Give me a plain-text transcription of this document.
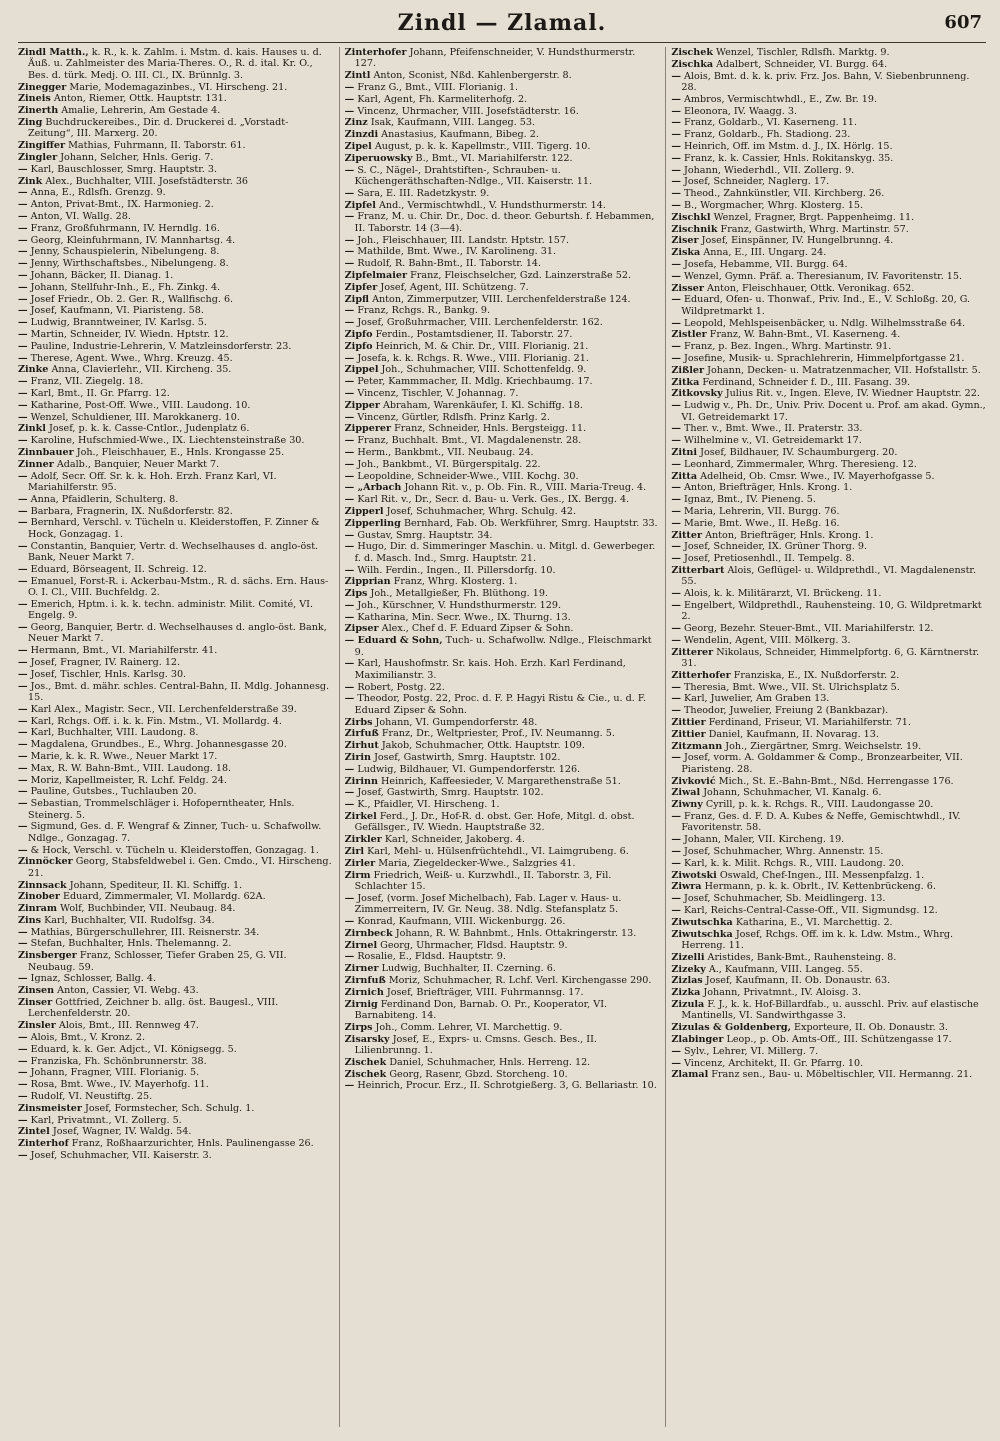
Zindl — Zlamal.	607

Zindl Matth., k. R., k. k. Zahlm. i. Mstm. d. kais. Hauses u. d. Äuß. u. Zahlmeister des Maria-Theres. O., R. d. ital. Kr. O., Bes. d. türk. Medj. O. III. Cl., IX. Brünnlg. 3.

Zinegger Marie, Modemagazinbes., VI. Hirscheng. 21.

Zineis Anton, Riemer, Ottk. Hauptstr. 131.

Zinerth Amalie, Lehrerin, Am Gestade 4.

Zing Buchdruckereibes., Dir. d. Druckerei d. „Vorstadt-Zeitung“, III. Marxerg. 20.

Zingiffer Mathias, Fuhrmann, II. Taborstr. 61.

Zingler Johann, Selcher, Hnls. Gerig. 7.

— Karl, Bauschlosser, Smrg. Hauptstr. 3.

Zink Alex., Buchhalter, VIII. Josefstädterstr. 36

— Anna, E., Rdlsfh. Grenzg. 9.

— Anton, Privat-Bmt., IX. Harmonieg. 2.

— Anton, VI. Wallg. 28.

— Franz, Großfuhrmann, IV. Herndlg. 16.

— Georg, Kleinfuhrmann, IV. Mannhartsg. 4.

— Jenny, Schauspielerin, Nibelungeng. 8.

— Jenny, Wirthschaftsbes., Nibelungeng. 8.

— Johann, Bäcker, II. Dianag. 1.

— Johann, Stellfuhr-Inh., E., Fh. Zinkg. 4.

— Josef Friedr., Ob. 2. Ger. R., Wallfischg. 6.

— Josef, Kaufmann, VI. Piaristeng. 58.

— Ludwig, Branntweiner, IV. Karlsg. 5.

— Martin, Schneider, IV. Wiedn. Hptstr. 12.

— Pauline, Industrie-Lehrerin, V. Matzleinsdorferstr. 23.

— Therese, Agent. Wwe., Whrg. Kreuzg. 45.

Zinke Anna, Clavierlehr., VII. Kircheng. 35.

— Franz, VII. Ziegelg. 18.

— Karl, Bmt., II. Gr. Pfarrg. 12.

— Katharine, Post-Off. Wwe., VIII. Laudong. 10.

— Wenzel, Schuldiener, III. Marokkanerg. 10.

Zinkl Josef, p. k. k. Casse-Cntlor., Judenplatz 6.

— Karoline, Hufschmied-Wwe., IX. Liechtensteinstraße 30.

Zinnbauer Joh., Fleischhauer, E., Hnls. Krongasse 25.

Zinner Adalb., Banquier, Neuer Markt 7.

— Adolf, Secr. Off. Sr. k. k. Hoh. Erzh. Franz Karl, VI. Mariahilferstr. 95.

— Anna, Pfaidlerin, Schulterg. 8.

— Barbara, Fragnerin, IX. Nußdorferstr. 82.

— Bernhard, Verschl. v. Tücheln u. Kleiderstoffen, F. Zinner & Hock, Gonzagag. 1.

— Constantin, Banquier, Vertr. d. Wechselhauses d. anglo-öst. Bank, Neuer Markt 7.

— Eduard, Börseagent, II. Schreig. 12.

— Emanuel, Forst-R. i. Ackerbau-Mstm., R. d. sächs. Ern. Haus-O. I. Cl., VIII. Buchfeldg. 2.

— Emerich, Hptm. i. k. k. techn. administr. Milit. Comité, VI. Engelg. 9.

— Georg, Banquier, Bertr. d. Wechselhauses d. anglo-öst. Bank, Neuer Markt 7.

— Hermann, Bmt., VI. Mariahilferstr. 41.

— Josef, Fragner, IV. Rainerg. 12.

— Josef, Tischler, Hnls. Karlsg. 30.

— Jos., Bmt. d. mähr. schles. Central-Bahn, II. Mdlg. Johannesg. 15.

— Karl Alex., Magistr. Secr., VII. Lerchenfelderstraße 39.

— Karl, Rchgs. Off. i. k. k. Fin. Mstm., VI. Mollardg. 4.

— Karl, Buchhalter, VIII. Laudong. 8.

— Magdalena, Grundbes., E., Whrg. Johannesgasse 20.

— Marie, k. k. R. Wwe., Neuer Markt 17.

— Max, R. W. Bahn-Bmt., VIII. Laudong. 18.

— Moriz, Kapellmeister, R. Lchf. Feldg. 24.

— Pauline, Gutsbes., Tuchlauben 20.

— Sebastian, Trommelschläger i. Hofoperntheater, Hnls. Steinerg. 5.

— Sigmund, Ges. d. F. Wengraf & Zinner, Tuch- u. Schafwollw. Ndlge., Gonzagag. 7.

— & Hock, Verschl. v. Tücheln u. Kleiderstoffen, Gonzagag. 1.

Zinnöcker Georg, Stabsfeldwebel i. Gen. Cmdo., VI. Hirscheng. 21.

Zinnsack Johann, Spediteur, II. Kl. Schiffg. 1.

Zinober Eduard, Zimmermaler, VI. Mollardg. 62A.

Zinram Wolf, Buchbinder, VII. Neubaug. 84.

Zins Karl, Buchhalter, VII. Rudolfsg. 34.

— Mathias, Bürgerschullehrer, III. Reisnerstr. 34.

— Stefan, Buchhalter, Hnls. Thelemanng. 2.

Zinsberger Franz, Schlosser, Tiefer Graben 25, G. VII. Neubaug. 59.

— Ignaz, Schlosser, Ballg. 4.

Zinsen Anton, Cassier, VI. Webg. 43.

Zinser Gottfried, Zeichner b. allg. öst. Baugesl., VIII. Lerchenfelderstr. 20.

Zinsler Alois, Bmt., III. Rennweg 47.

— Alois, Bmt., V. Kronz. 2.

— Eduard, k. k. Ger. Adjct., VI. Königsegg. 5.

— Franziska, Fh. Schönbrunnerstr. 38.

— Johann, Fragner, VIII. Florianig. 5.

— Rosa, Bmt. Wwe., IV. Mayerhofg. 11.

— Rudolf, VI. Neustiftg. 25.

Zinsmeister Josef, Formstecher, Sch. Schulg. 1.

— Karl, Privatmnt., VI. Zollerg. 5.

Zintel Josef, Wagner, IV. Waldg. 54.

Zinterhof Franz, Roßhaarzurichter, Hnls. Paulinengasse 26.

— Josef, Schuhmacher, VII. Kaiserstr. 3.

Zinterhofer Johann, Pfeifenschneider, V. Hundsthurmerstr. 127.

Zintl Anton, Sconist, Nßd. Kahlenbergerstr. 8.

— Franz G., Bmt., VIII. Florianig. 1.

— Karl, Agent, Fh. Karmeliterhofg. 2.

— Vincenz, Uhrmacher, VIII. Josefstädterstr. 16.

Zinz Isak, Kaufmann, VIII. Langeg. 53.

Zinzdi Anastasius, Kaufmann, Bibeg. 2.

Zipel August, p. k. k. Kapellmstr., VIII. Tigerg. 10.

Ziperuowsky B., Bmt., VI. Mariahilferstr. 122.

— S. C., Nägel-, Drahtstiften-, Schrauben- u. Küchengeräthschaften-Ndlge., VII. Kaiserstr. 11.

— Sara, E. III. Radetzkystr. 9.

Zipfel And., Vermischtwhdl., V. Hundsthurmerstr. 14.

— Franz, M. u. Chir. Dr., Doc. d. theor. Geburtsh. f. Hebammen, II. Taborstr. 14 (3—4).

— Joh., Fleischhauer, III. Landstr. Hptstr. 157.

— Mathilde, Bmt. Wwe., IV. Karolineng. 31.

— Rudolf, R. Bahn-Bmt., II. Taborstr. 14.

Zipfelmaier Franz, Fleischselcher, Gzd. Lainzerstraße 52.

Zipfer Josef, Agent, III. Schützeng. 7.

Zipfl Anton, Zimmerputzer, VIII. Lerchenfelderstraße 124.

— Franz, Rchgs. R., Bankg. 9.

— Josef, Großuhrmacher, VIII. Lerchenfelderstr. 162.

Zipfo Ferdin., Postamtsdiener, II. Taborstr. 27.

Zipfo Heinrich, M. & Chir. Dr., VIII. Florianig. 21.

— Josefa, k. k. Rchgs. R. Wwe., VIII. Florianig. 21.

Zippel Joh., Schuhmacher, VIII. Schottenfeldg. 9.

— Peter, Kammmacher, II. Mdlg. Kriechbaumg. 17.

— Vincenz, Tischler, V. Johannag. 7.

Zipper Abraham, Warenkäufer, I. Kl. Schiffg. 18.

— Vincenz, Gürtler, Rdlsfh. Prinz Karlg. 2.

Zipperer Franz, Schneider, Hnls. Bergsteigg. 11.

— Franz, Buchhalt. Bmt., VI. Magdalenenstr. 28.

— Herm., Bankbmt., VII. Neubaug. 24.

— Joh., Bankbmt., VI. Bürgerspitalg. 22.

— Leopoldine, Schneider-Wwe., VIII. Kochg. 30.

— „Arbach Johann Rit. v., p. Ob. Fin. R., VIII. Maria-Treug. 4.

— Karl Rit. v., Dr., Secr. d. Bau- u. Verk. Ges., IX. Bergg. 4.

Zipperl Josef, Schuhmacher, Whrg. Schulg. 42.

Zipperling Bernhard, Fab. Ob. Werkführer, Smrg. Hauptstr. 33.

— Gustav, Smrg. Hauptstr. 34.

— Hugo, Dir. d. Simmeringer Maschin. u. Mitgl. d. Gewerbeger. f. d. Masch. Ind., Smrg. Hauptstr. 21.

— Wilh. Ferdin., Ingen., II. Pillersdorfg. 10.

Zipprian Franz, Whrg. Klosterg. 1.

Zips Joh., Metallgießer, Fh. Blüthong. 19.

— Joh., Kürschner, V. Hundsthurmerstr. 129.

— Katharina, Min. Secr. Wwe., IX. Thurng. 13.

Zipser Alex., Chef d. F. Eduard Zipser & Sohn.

— Eduard & Sohn, Tuch- u. Schafwollw. Ndlge., Fleischmarkt 9.

— Karl, Haushofmstr. Sr. kais. Hoh. Erzh. Karl Ferdinand, Maximilianstr. 3.

— Robert, Postg. 22.

— Theodor, Postg. 22, Proc. d. F. P. Hagyi Ristu & Cie., u. d. F. Eduard Zipser & Sohn.

Zirbs Johann, VI. Gumpendorferstr. 48.

Zirfuß Franz, Dr., Weltpriester, Prof., IV. Neumanng. 5.

Zirhut Jakob, Schuhmacher, Ottk. Hauptstr. 109.

Zirin Josef, Gastwirth, Smrg. Hauptstr. 102.

— Ludwig, Bildhauer, VI. Gumpendorferstr. 126.

Zirinn Heinrich, Kaffeesieder, V. Margarethenstraße 51.

— Josef, Gastwirth, Smrg. Hauptstr. 102.

— K., Pfaidler, VI. Hirscheng. 1.

Zirkel Ferd., J. Dr., Hof-R. d. obst. Ger. Hofe, Mitgl. d. obst. Gefällsger., IV. Wiedn. Hauptstraße 32.

Zirkler Karl, Schneider, Jakoberg. 4.

Zirl Karl, Mehl- u. Hülsenfrüchtehdl., VI. Laimgrubeng. 6.

Zirler Maria, Ziegeldecker-Wwe., Salzgries 41.

Zirm Friedrich, Weiß- u. Kurzwhdl., II. Taborstr. 3, Fil. Schlachter 15.

— Josef, (vorm. Josef Michelbach), Fab. Lager v. Haus- u. Zimmerreitern, IV. Gr. Neug. 38. Ndlg. Stefansplatz 5.

— Konrad, Kaufmann, VIII. Wickenburgg. 26.

Zirnbeck Johann, R. W. Bahnbmt., Hnls. Ottakringerstr. 13.

Zirnel Georg, Uhrmacher, Fldsd. Hauptstr. 9.

— Rosalie, E., Fldsd. Hauptstr. 9.

Zirner Ludwig, Buchhalter, II. Czerning. 6.

Zirnfuß Moriz, Schuhmacher, R. Lchf. Verl. Kirchengasse 290.

Zirnich Josef, Briefträger, VIII. Fuhrmannsg. 17.

Zirnig Ferdinand Don, Barnab. O. Pr., Kooperator, VI. Barnabiteng. 14.

Zirps Joh., Comm. Lehrer, VI. Marchettig. 9.

Zisarsky Josef, E., Exprs- u. Cmsns. Gesch. Bes., II. Lilienbrunng. 1.

Zischek Daniel, Schuhmacher, Hnls. Herreng. 12.

Zischek Georg, Rasenr, Gbzd. Storcheng. 10.

— Heinrich, Procur. Erz., II. Schrotgießerg. 3, G. Bellariastr. 10.

Zischek Wenzel, Tischler, Rdlsfh. Marktg. 9.

Zischka Adalbert, Schneider, VI. Burgg. 64.

— Alois, Bmt. d. k. k. priv. Frz. Jos. Bahn, V. Siebenbrunneng. 28.

— Ambros, Vermischtwhdl., E., Zw. Br. 19.

— Eleonora, IV. Waagg. 3.

— Franz, Goldarb., VI. Kaserneng. 11.

— Franz, Goldarb., Fh. Stadiong. 23.

— Heinrich, Off. im Mstm. d. J., IX. Hörlg. 15.

— Franz, k. k. Cassier, Hnls. Rokitanskyg. 35.

— Johann, Wiederhdl., VII. Zollerg. 9.

— Josef, Schneider, Naglerg. 17.

— Theod., Zahnkünstler, VII. Kirchberg. 26.

— B., Worgmacher, Whrg. Klosterg. 15.

Zischkl Wenzel, Fragner, Brgt. Pappenheimg. 11.

Zischnik Franz, Gastwirth, Whrg. Martinstr. 57.

Ziser Josef, Einspänner, IV. Hungelbrunng. 4.

Ziska Anna, E., III. Ungarg. 24.

— Josefa, Hebamme, VII. Burgg. 64.

— Wenzel, Gymn. Präf. a. Theresianum, IV. Favoritenstr. 15.

Zisser Anton, Fleischhauer, Ottk. Veronikag. 652.

— Eduard, Ofen- u. Thonwaf., Priv. Ind., E., V. Schloßg. 20, G. Wildpretmarkt 1.

— Leopold, Mehlspeisenbäcker, u. Ndlg. Wilhelmsstraße 64.

Zistler Franz, W. Bahn-Bmt., VI. Kaserneng. 4.

— Franz, p. Bez. Ingen., Whrg. Martinstr. 91.

— Josefine, Musik- u. Sprachlehrerin, Himmelpfortgasse 21.

Zißler Johann, Decken- u. Matratzenmacher, VII. Hofstallstr. 5.

Zitka Ferdinand, Schneider f. D., III. Fasang. 39.

Zitkovsky Julius Rit. v., Ingen. Eleve, IV. Wiedner Hauptstr. 22.

— Ludwig v., Ph. Dr., Univ. Priv. Docent u. Prof. am akad. Gymn., VI. Getreidemarkt 17.

— Ther. v., Bmt. Wwe., II. Praterstr. 33.

— Wilhelmine v., VI. Getreidemarkt 17.

Zitni Josef, Bildhauer, IV. Schaumburgerg. 20.

— Leonhard, Zimmermaler, Whrg. Theresieng. 12.

Zitta Adelheid, Ob. Cmsr. Wwe., IV. Mayerhofgasse 5.

— Anton, Briefträger, Hnls. Krong. 1.

— Ignaz, Bmt., IV. Pieneng. 5.

— Maria, Lehrerin, VII. Burgg. 76.

— Marie, Bmt. Wwe., II. Heßg. 16.

Zitter Anton, Briefträger, Hnls. Krong. 1.

— Josef, Schneider, IX. Grüner Thorg. 9.

— Josef, Pretiosenhdl., II. Tempelg. 8.

Zitterbart Alois, Geflügel- u. Wildprethdl., VI. Magdalenenstr. 55.

— Alois, k. k. Militärarzt, VI. Brückeng. 11.

— Engelbert, Wildprethdl., Rauhensteing. 10, G. Wildpretmarkt 2.

— Georg, Bezehr. Steuer-Bmt., VII. Mariahilferstr. 12.

— Wendelin, Agent, VIII. Mölkerg. 3.

Zitterer Nikolaus, Schneider, Himmelpfortg. 6, G. Kärntnerstr. 31.

Zitterhofer Franziska, E., IX. Nußdorferstr. 2.

— Theresia, Bmt. Wwe., VII. St. Ulrichsplatz 5.

— Karl, Juwelier, Am Graben 13.

— Theodor, Juwelier, Freiung 2 (Bankbazar).

Zittier Ferdinand, Friseur, VI. Mariahilferstr. 71.

Zittier Daniel, Kaufmann, II. Novarag. 13.

Zitzmann Joh., Ziergärtner, Smrg. Weichselstr. 19.

— Josef, vorm. A. Goldammer & Comp., Bronzearbeiter, VII. Piaristeng. 28.

Zivković Mich., St. E.-Bahn-Bmt., Nßd. Herrengasse 176.

Ziwal Johann, Schuhmacher, VI. Kanalg. 6.

Ziwny Cyrill, p. k. k. Rchgs. R., VIII. Laudongasse 20.

— Franz, Ges. d. F. D. A. Kubes & Neffe, Gemischtwhdl., IV. Favoritenstr. 58.

— Johann, Maler, VII. Kircheng. 19.

— Josef, Schuhmacher, Whrg. Annenstr. 15.

— Karl, k. k. Milit. Rchgs. R., VIII. Laudong. 20.

Ziwotski Oswald, Chef-Ingen., III. Messenpfalzg. 1.

Ziwra Hermann, p. k. k. Obrlt., IV. Kettenbrückeng. 6.

— Josef, Schuhmacher, Sb. Meidlingerg. 13.

— Karl, Reichs-Central-Casse-Off., VII. Sigmundsg. 12.

Ziwutschka Katharina, E., VI. Marchettig. 2.

Ziwutschka Josef, Rchgs. Off. im k. k. Ldw. Mstm., Whrg. Herreng. 11.

Zizelli Aristides, Bank-Bmt., Rauhensteing. 8.

Zizeky A., Kaufmann, VIII. Langeg. 55.

Zizlas Josef, Kaufmann, II. Ob. Donaustr. 63.

Zizka Johann, Privatmnt., IV. Aloisg. 3.

Zizula F. J., k. k. Hof-Billardfab., u. ausschl. Priv. auf elastische Mantinells, VI. Sandwirthgasse 3.

Zizulas & Goldenberg, Exporteure, II. Ob. Donaustr. 3.

Zlabinger Leop., p. Ob. Amts-Off., III. Schützengasse 17.

— Sylv., Lehrer, VI. Millerg. 7.

— Vincenz, Architekt, II. Gr. Pfarrg. 10.

Zlamal Franz sen., Bau- u. Möbeltischler, VII. Hermanng. 21.
